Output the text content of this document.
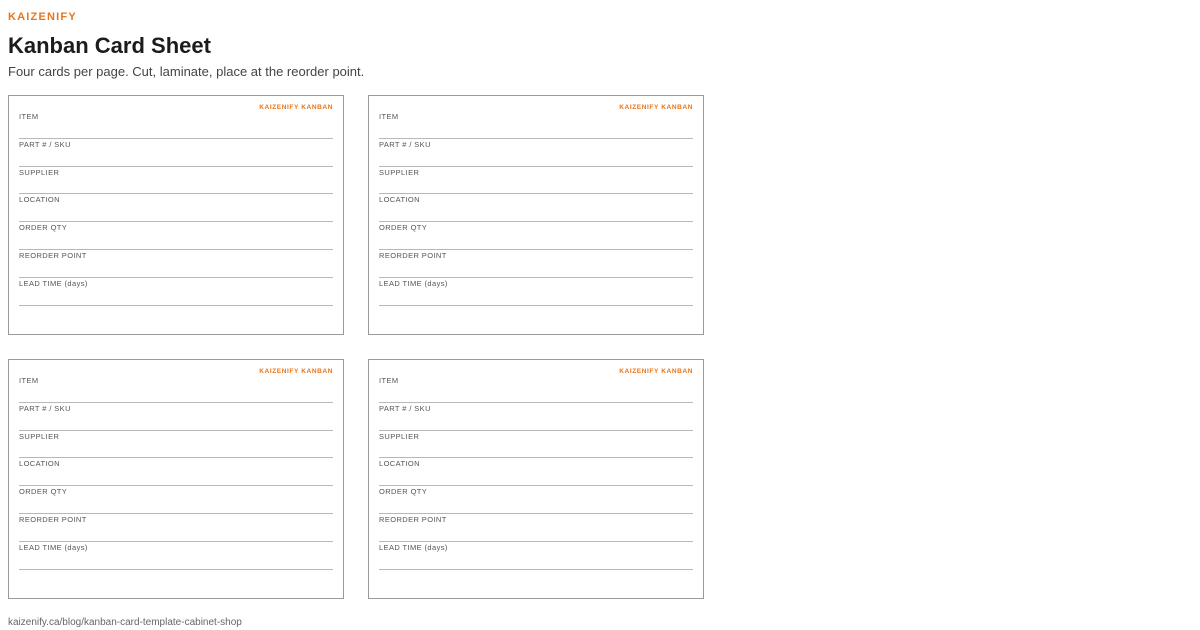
KAIZENIFY
Kanban Card Sheet
Four cards per page. Cut, laminate, place at the reorder point.
KAIZENIFY KANBAN
ITEM
PART # / SKU
SUPPLIER
LOCATION
ORDER QTY
REORDER POINT
LEAD TIME (days)
KAIZENIFY KANBAN
ITEM
PART # / SKU
SUPPLIER
LOCATION
ORDER QTY
REORDER POINT
LEAD TIME (days)
KAIZENIFY KANBAN
ITEM
PART # / SKU
SUPPLIER
LOCATION
ORDER QTY
REORDER POINT
LEAD TIME (days)
KAIZENIFY KANBAN
ITEM
PART # / SKU
SUPPLIER
LOCATION
ORDER QTY
REORDER POINT
LEAD TIME (days)
kaizenify.ca/blog/kanban-card-template-cabinet-shop
